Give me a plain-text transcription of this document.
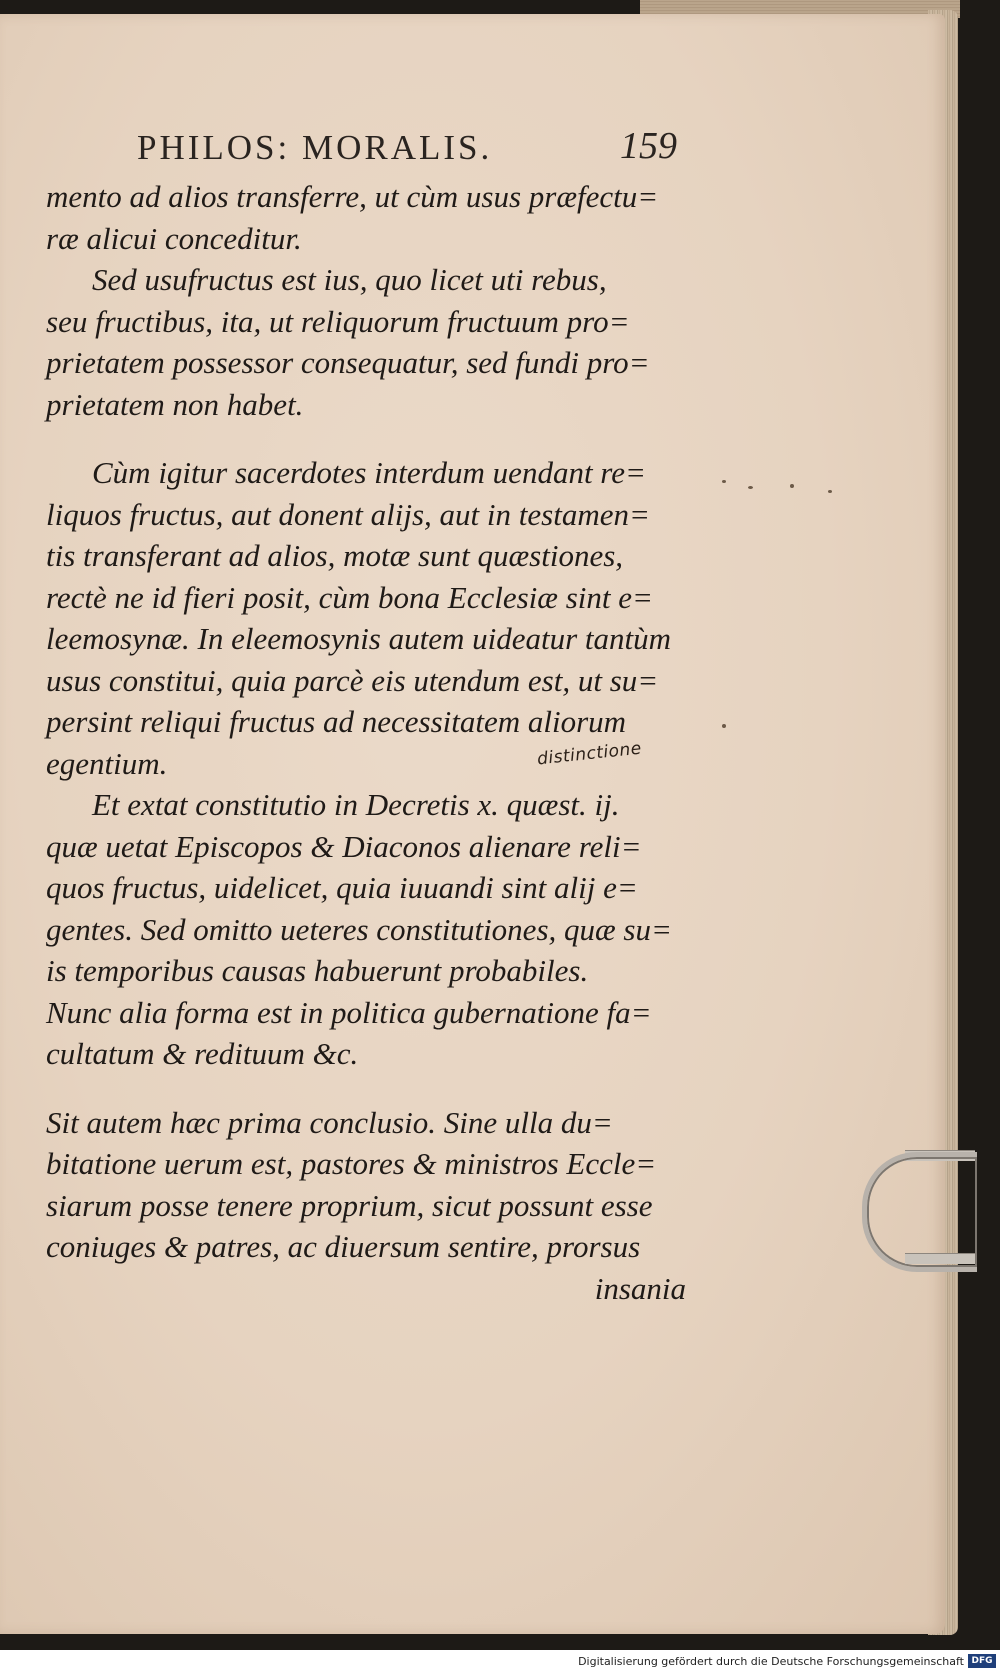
PHILOS: MORALIS.	159
mento ad alios transferre, ut cùm usus præfectu=
ræ alicui conceditur.
Sed usufructus est ius, quo licet uti rebus,
seu fructibus, ita, ut reliquorum fructuum pro=
prietatem possessor consequatur, sed fundi pro=
prietatem non habet.
Cùm igitur sacerdotes interdum uendant re=
liquos fructus, aut donent alijs, aut in testamen=
tis transferant ad alios, motæ sunt quæstiones,
rectè ne id fieri posit, cùm bona Ecclesiæ sint e=
leemosynæ. In eleemosynis autem uideatur tantùm
usus constitui, quia parcè eis utendum est, ut su=
persint reliqui fructus ad necessitatem aliorum
egentium.
Et extat constitutio in Decretis x. quæst. ij.
quæ uetat Episcopos & Diaconos alienare reli=
quos fructus, uidelicet, quia iuuandi sint alij e=
gentes. Sed omitto ueteres constitutiones, quæ su=
is temporibus causas habuerunt probabiles.
Nunc alia forma est in politica gubernatione fa=
cultatum & redituum &c.
Sit autem hæc prima conclusio. Sine ulla du=
bitatione uerum est, pastores & ministros Eccle=
siarum posse tenere proprium, sicut possunt esse
coniuges & patres, ac diuersum sentire, prorsus
insania
distinctione
Digitalisierung gefördert durch die Deutsche Forschungsgemeinschaft DFG
